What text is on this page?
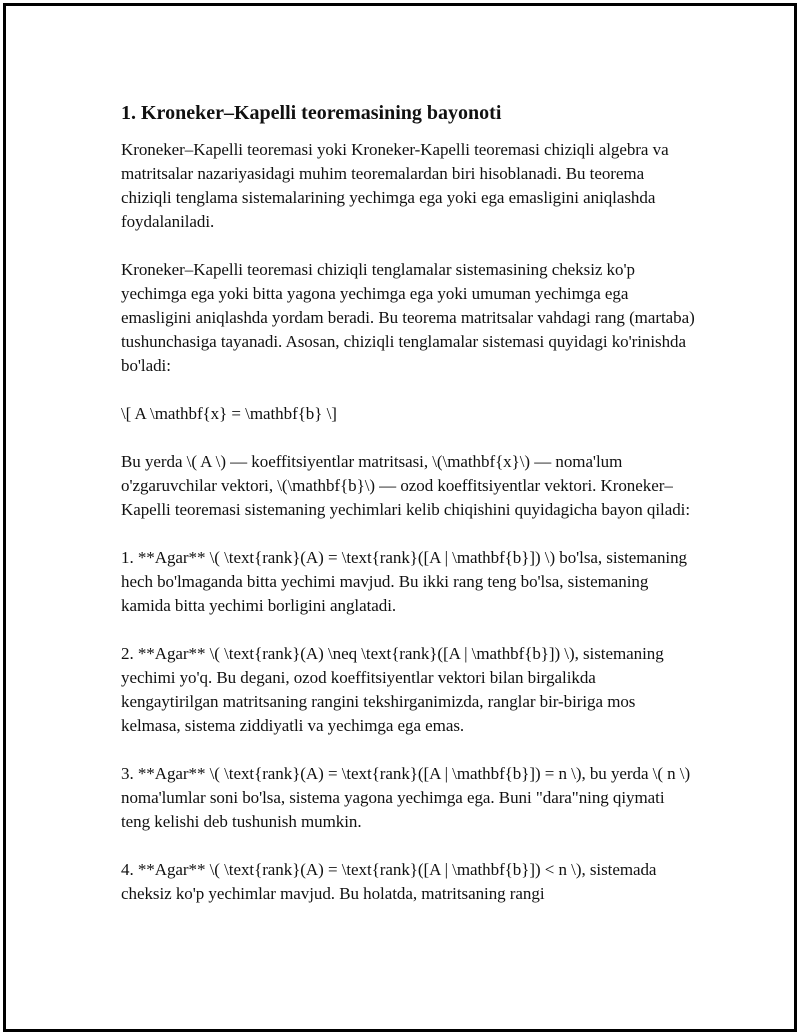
1. Kroneker–Kapelli teoremasining bayonoti

Kroneker–Kapelli teoremasi yoki Kroneker-Kapelli teoremasi chiziqli algebra va matritsalar nazariyasidagi muhim teoremalardan biri hisoblanadi. Bu teorema chiziqli tenglama sistemalarining yechimga ega yoki ega emasligini aniqlashda foydalaniladi.

Kroneker–Kapelli teoremasi chiziqli tenglamalar sistemasining cheksiz ko'p yechimga ega yoki bitta yagona yechimga ega yoki umuman yechimga ega emasligini aniqlashda yordam beradi. Bu teorema matritsalar vahdagi rang (martaba) tushunchasiga tayanadi. Asosan, chiziqli tenglamalar sistemasi quyidagi ko'rinishda bo'ladi:

\[ A \mathbf{x} = \mathbf{b} \]

Bu yerda \( A \) — koeffitsiyentlar matritsasi, \(\mathbf{x}\) — noma'lum o'zgaruvchilar vektori, \(\mathbf{b}\) — ozod koeffitsiyentlar vektori. Kroneker–Kapelli teoremasi sistemaning yechimlari kelib chiqishini quyidagicha bayon qiladi:

1. **Agar** \( \text{rank}(A) = \text{rank}([A | \mathbf{b}]) \) bo'lsa, sistemaning hech bo'lmaganda bitta yechimi mavjud. Bu ikki rang teng bo'lsa, sistemaning kamida bitta yechimi borligini anglatadi.

2. **Agar** \( \text{rank}(A) \neq \text{rank}([A | \mathbf{b}]) \), sistemaning yechimi yo'q. Bu degani, ozod koeffitsiyentlar vektori bilan birgalikda kengaytirilgan matritsaning rangini tekshirganimizda, ranglar bir-biriga mos kelmasa, sistema ziddiyatli va yechimga ega emas.

3. **Agar** \( \text{rank}(A) = \text{rank}([A | \mathbf{b}]) = n \), bu yerda \( n \) noma'lumlar soni bo'lsa, sistema yagona yechimga ega. Buni "dara"ning qiymati teng kelishi deb tushunish mumkin.

4. **Agar** \( \text{rank}(A) = \text{rank}([A | \mathbf{b}]) < n \), sistemada cheksiz ko'p yechimlar mavjud. Bu holatda, matritsaning rangi
